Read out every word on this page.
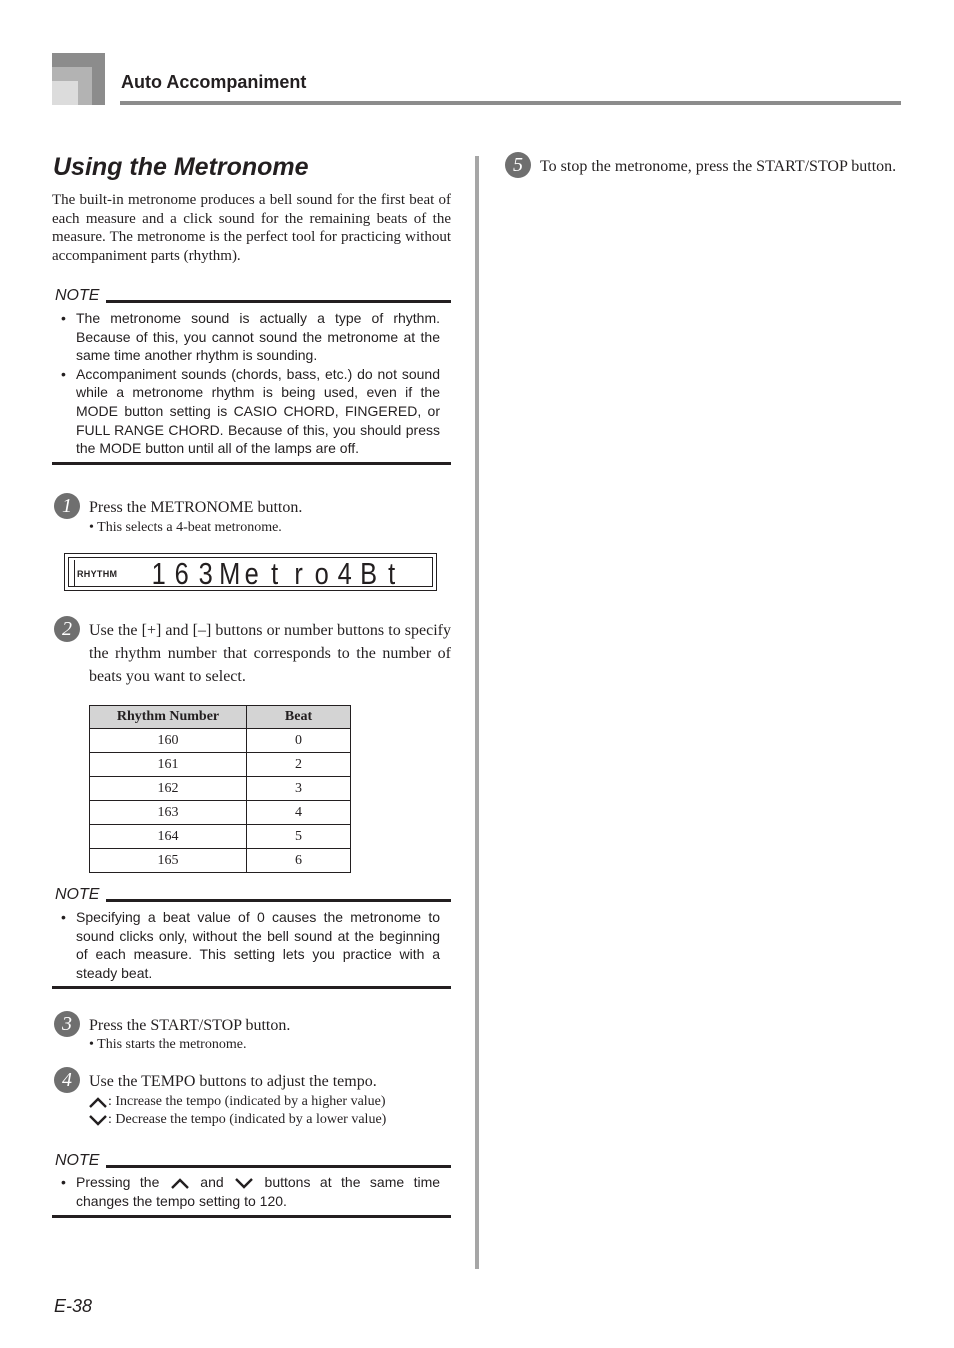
Auto Accompaniment
Using the Metronome
The built-in metronome produces a bell sound for the first beat of each measure and a click sound for the remaining beats of the measure. The metronome is the perfect tool for practicing without accompaniment parts (rhythm).
NOTE
• The metronome sound is actually a type of rhythm. Because of this, you cannot sound the metronome at the same time another rhythm is sounding.
• Accompaniment sounds (chords, bass, etc.) do not sound while a metronome rhythm is being used, even if the MODE button setting is CASIO CHORD, FINGERED, or FULL RANGE CHORD. Because of this, you should press the MODE button until all of the lamps are off.
1	Press the METRONOME button.
• This selects a 4-beat metronome.
RHYTHM 1 6 3 M e t r o 4 B t
2	Use the [+] and [–] buttons or number buttons to specify the rhythm number that corresponds to the number of beats you want to select.
Rhythm Number	Beat
160	0
161	2
162	3
163	4
164	5
165	6
NOTE
• Specifying a beat value of 0 causes the metronome to sound clicks only, without the bell sound at the beginning of each measure. This setting lets you practice with a steady beat.
3	Press the START/STOP button.
• This starts the metronome.
4	Use the TEMPO buttons to adjust the tempo.
: Increase the tempo (indicated by a higher value)
: Decrease the tempo (indicated by a lower value)
NOTE
• Pressing the	and	buttons at the same time changes the tempo setting to 120.
5	To stop the metronome, press the START/STOP button.
E-38
